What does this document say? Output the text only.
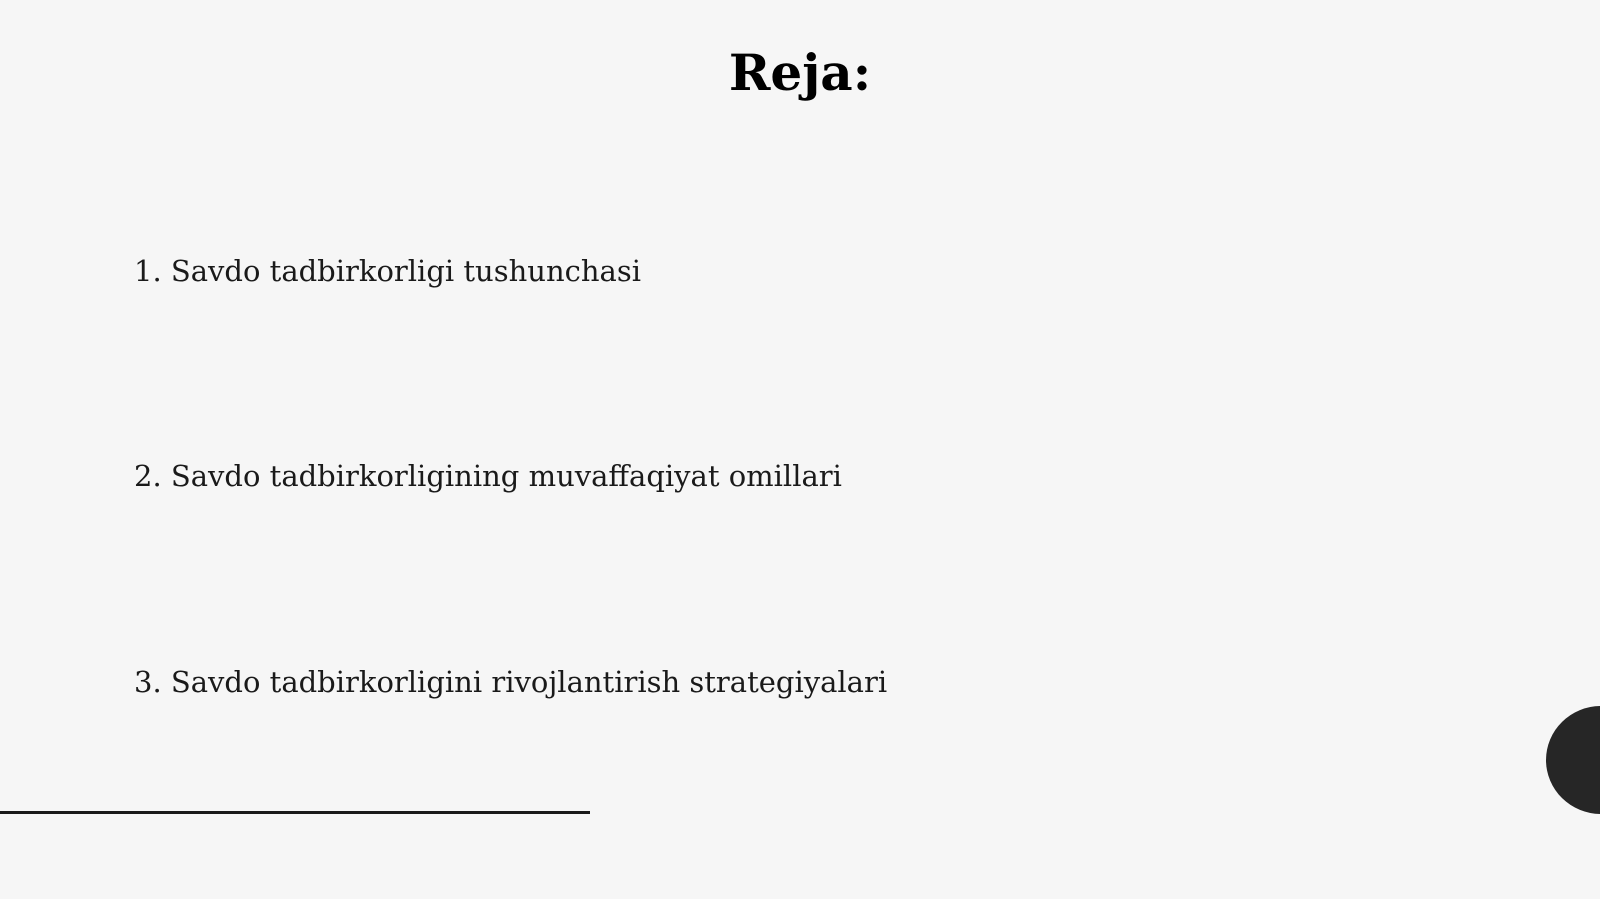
Reja:
1. Savdo tadbirkorligi tushunchasi
2. Savdo tadbirkorligining muvaffaqiyat omillari
3. Savdo tadbirkorligini rivojlantirish strategiyalari
